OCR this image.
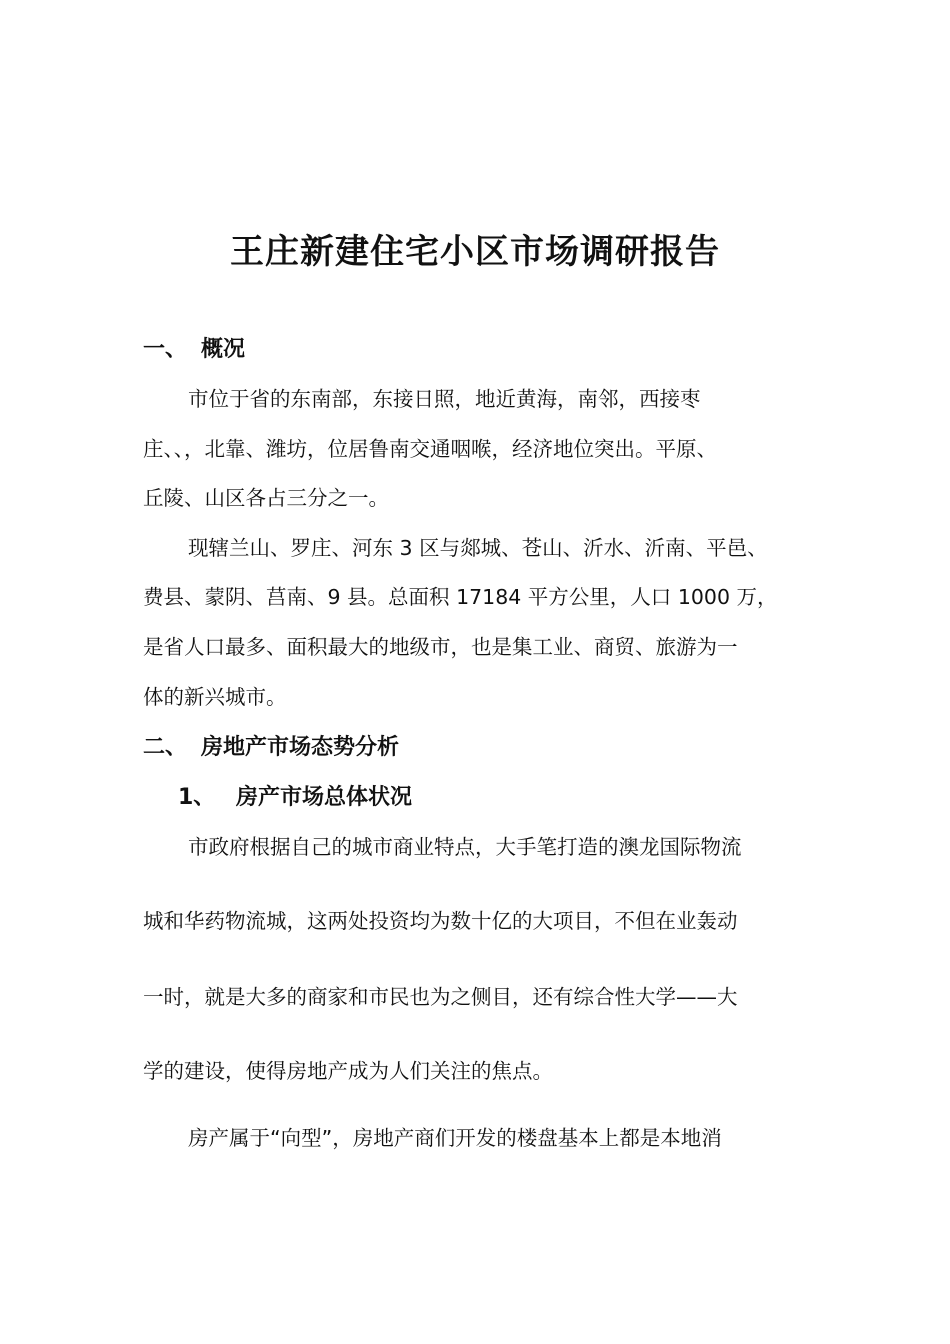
王庄新建住宅小区市场调研报告
一、 概况

市位于省的东南部，东接日照，地近黄海，南邻，西接枣

庄、、，北靠、潍坊，位居鲁南交通咽喉，经济地位突出。平原、

丘陵、山区各占三分之一。

现辖兰山、罗庄、河东 3 区与郯城、苍山、沂水、沂南、平邑、

费县、蒙阴、莒南、9 县。总面积 17184 平方公里，人口 1000 万，

是省人口最多、面积最大的地级市，也是集工业、商贸、旅游为一

体的新兴城市。

二、 房地产市场态势分析
1、 房产市场总体状况

市政府根据自己的城市商业特点，大手笔打造的澳龙国际物流

城和华药物流城，这两处投资均为数十亿的大项目，不但在业轰动

一时，就是大多的商家和市民也为之侧目，还有综合性大学——大

学的建设，使得房地产成为人们关注的焦点。

房产属于“向型”，房地产商们开发的楼盘基本上都是本地消
